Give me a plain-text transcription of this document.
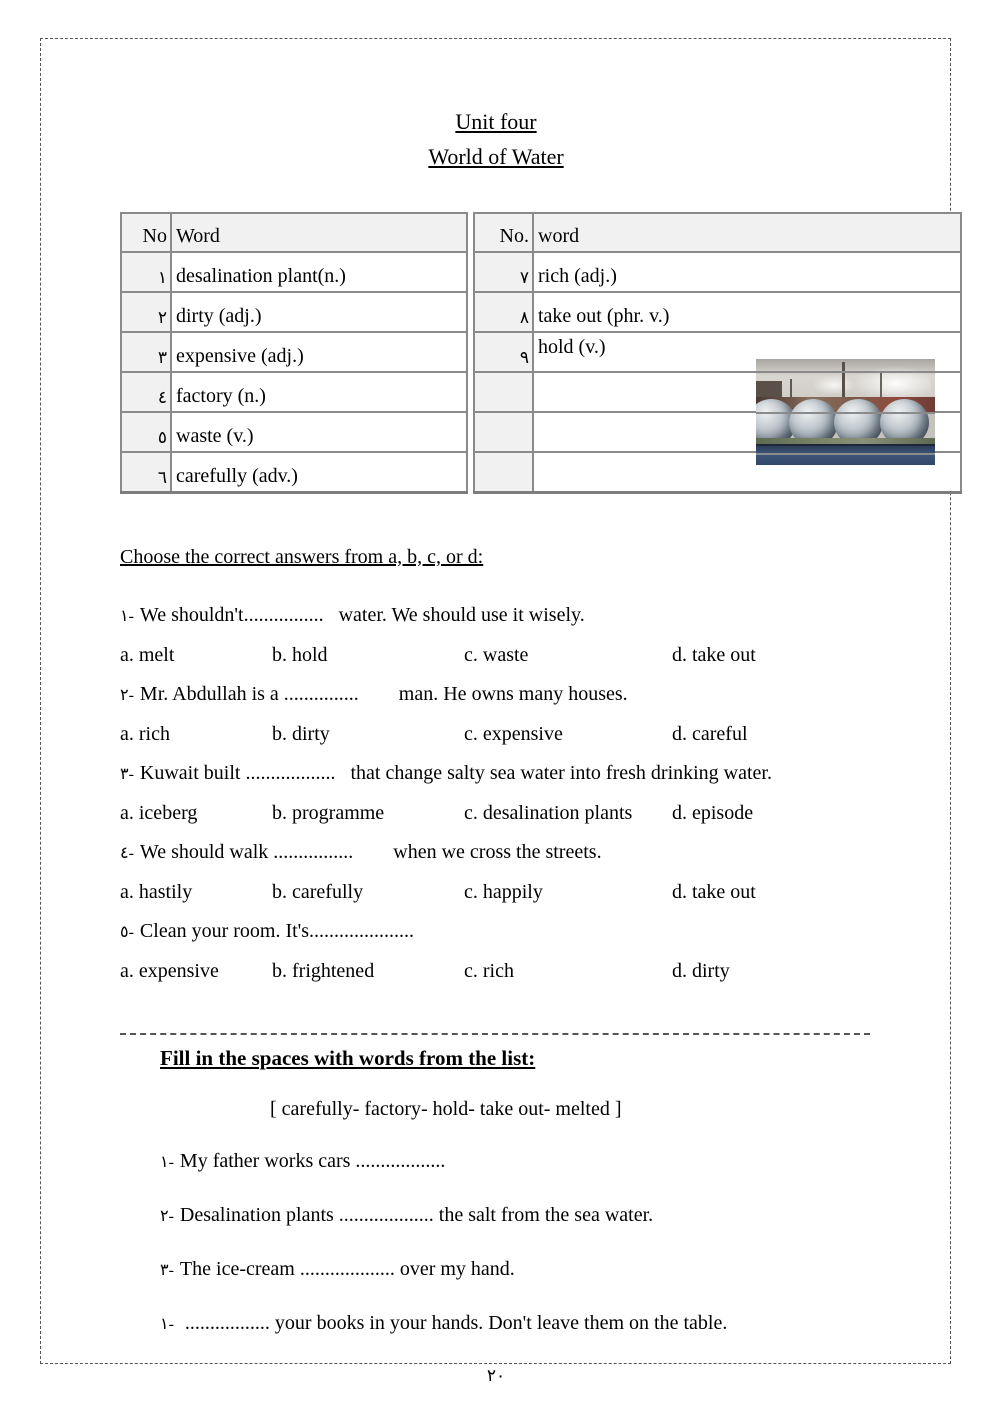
Unit four
World of Water
No	Word
١	desalination plant(n.)
٢	dirty (adj.)
٣	expensive (adj.)
٤	factory (n.)
٥	waste (v.)
٦	carefully (adv.)
No.	word
٧	rich (adj.)
٨	take out (phr. v.)
٩	hold (v.)

Choose the correct answers from a, b, c, or d:
١- We shouldn't................   water. We should use it wisely.
a. melt	b. hold	c. waste	d. take out
٢- Mr. Abdullah is a ...............        man. He owns many houses.
a. rich	b. dirty	c. expensive	d. careful
٣- Kuwait built ..................   that change salty sea water into fresh drinking water.
a. iceberg	b. programme	c. desalination plants	d. episode
٤- We should walk ................        when we cross the streets.
a. hastily	b. carefully	c. happily	d. take out
٥- Clean your room. It's.....................
a. expensive	b. frightened	c. rich	d. dirty
Fill in the spaces with words from the list:
[ carefully- factory- hold- take out- melted ]
١- My father works cars ..................
٢- Desalination plants ................... the salt from the sea water.
٣- The ice-cream ................... over my hand.
١- ................. your books in your hands. Don't leave them on the table.
٢٠
